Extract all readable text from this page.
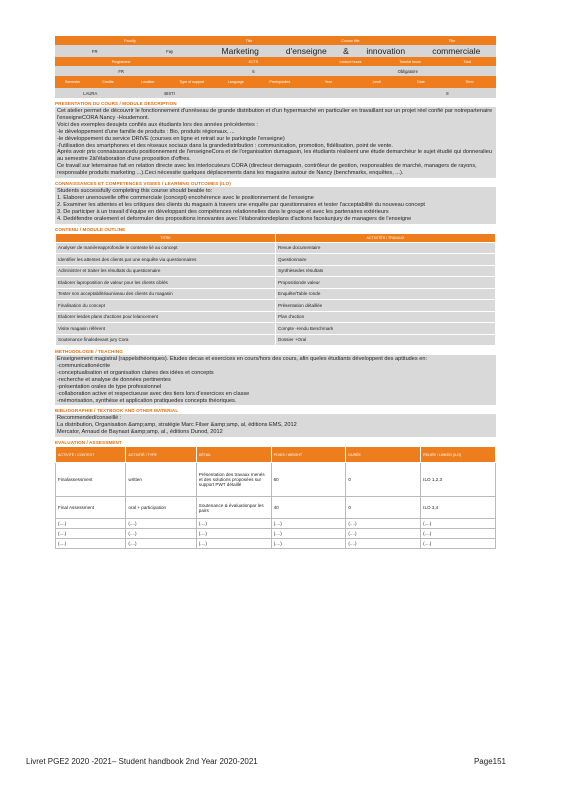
Faculty	Title	Course title	Title
FR	Fay	Marketing	d'enseigne	&	innovation	commerciale
Programme	ECTS	Lecture hours	Tutorial hours	Total
FR	6	Obligatoire		
Semester	Credits	Location	Type of support	Language	Prerequisites	Year	Level	Date	Term
LAURA		BISTI						8	
PRESENTATION DU COURS / MODULE DESCRIPTION

Cet atelier permet de découvrir le fonctionnement d'unréseau de grande distribution et d'un hypermarché en particulier en travaillant sur un projet réel confié par notrepartenaire l'enseigneCORA Nancy -Houdemont.

Voici des exemples desujets confiés aux étudiants lors des années précédentes :

-le développement d'une famille de produits : Bio, produits régionaux, ...

-le développement du service DRIVE (courses en ligne et retrait sur le parkingde l'enseigne)

-l'utilisation des smartphones et des réseaux sociaux dans la grandedistribution : communication, promotion, fidélisation, point de vente.

Après avoir pris connaissancedu positionnement de l'enseigneCora et de l'organisation dumagasin, les étudiants réalisent une étude demarchéur le sujet étudié qui donneralieu au semestre 2àl'élaboration d'une proposition d'offres.

Ce travail sur leterrainse fait en relation directe avec les interlocuteurs CORA (directeur demagasin, contrôleur de gestion, responsables de marché, managers de rayons, responsable produits marketing ...).Ceci nécessite quelques déplacements dans les magasins autour de Nancy (benchmarks, enquêtes, ...).

CONNAISSANCES ET COMPETENCES VISEES / LEARNING OUTCOMES (ILO)

Students successfully completing this course should beable to:

1. Elaborer unenouvelle offre commerciale (concept) encohérence avec le positionnement de l'enseigne

2. Examiner les attentes et les critiques des clients du magasin à travers une enquête par questionnaires et tester l'acceptabilité du nouveau concept

3. De participer à un travail d'équipe en développant des compétences relationnelles dans le groupe et avec les partenaires extérieurs

4. Dedéfendre oralement et deformuler des propositions innovantes avec l'élaborationdeplans d'actions faceàunjury de managers de l'enseigne

CONTENU / MODULE OUTLINE
TITRE	ACTIVITÉS / TRAVAUX
Analyser de manièreapprofondie le contexte lié au concept	Revue documentaire
Identifier les attentes des clients par une enquête via questionnaires	Questionnaire
Administrer et traiter les résultats du questionnaire	Synthèsedes résultats
Elaborer laproposition de valeur pour les clients ciblés	Propositionde valeur
Tester son acceptabilitéauniveau des clients du magasin	Enquête/Table ronde
Finalisation du concept	Présentation détaillée
Elaborer lesdes plans d'actions pour lelancement	Plan d'action
Visite magasin référent	Compte -rendu Benchmark
Soutenance finaledevant jury Cora	Dossier +Oral
METHODOLOGIE / TEACHING

Enseignement magistral (rappelsthéoriques). Etudes decas et exercices en cours/hors des cours, afin queles étudiants développent des aptitudes en:

-communicationécrite

-conceptualisation et organisation claires des idées et concepts

-recherche et analyse de données pertinentes

-présentation orales de type professionnel

-collaboration active et respectueuse avec des tiers lors d'exercices en classe

-mémorisation, synthèse et application pratiquedes concepts théoriques.

BIBLIOGRAPHIE / TEXTBOOK AND OTHER MATERIAL

Recommended/conseillé :

La distribution, Organisation &amp;amp, stratégie Marc Filser &amp;amp, al, éditions EMS, 2012

Mercator, Arnaud de Baynast &amp;amp, al., éditions Dunod, 2012

EVALUATION / ASSESSMENT
ACTIVITÉ / CONTEXT	ACTIVITÉ / TYPE	DÉTAIL	POIDS / WEIGHT	DURÉE	RELIÉE / LINKED (ILO)
Finalassessment	written	Présentation des travaux menés et des solutions proposées sur support PWT détaillé	60	0	ILO 1,2,3
Final Assessment	oral + participation	Soutenance & évaluationpar les pairs	40	0	ILO 3,4
(....)	(....)	(....)	(....)	(....)	(....)
(....)	(....)	(....)	(....)	(....)	(....)
(....)	(....)	(....)	(....)	(....)	(....)
Livret PGE2 2020 -2021– Student handbook 2nd Year 2020-2021	Page151
